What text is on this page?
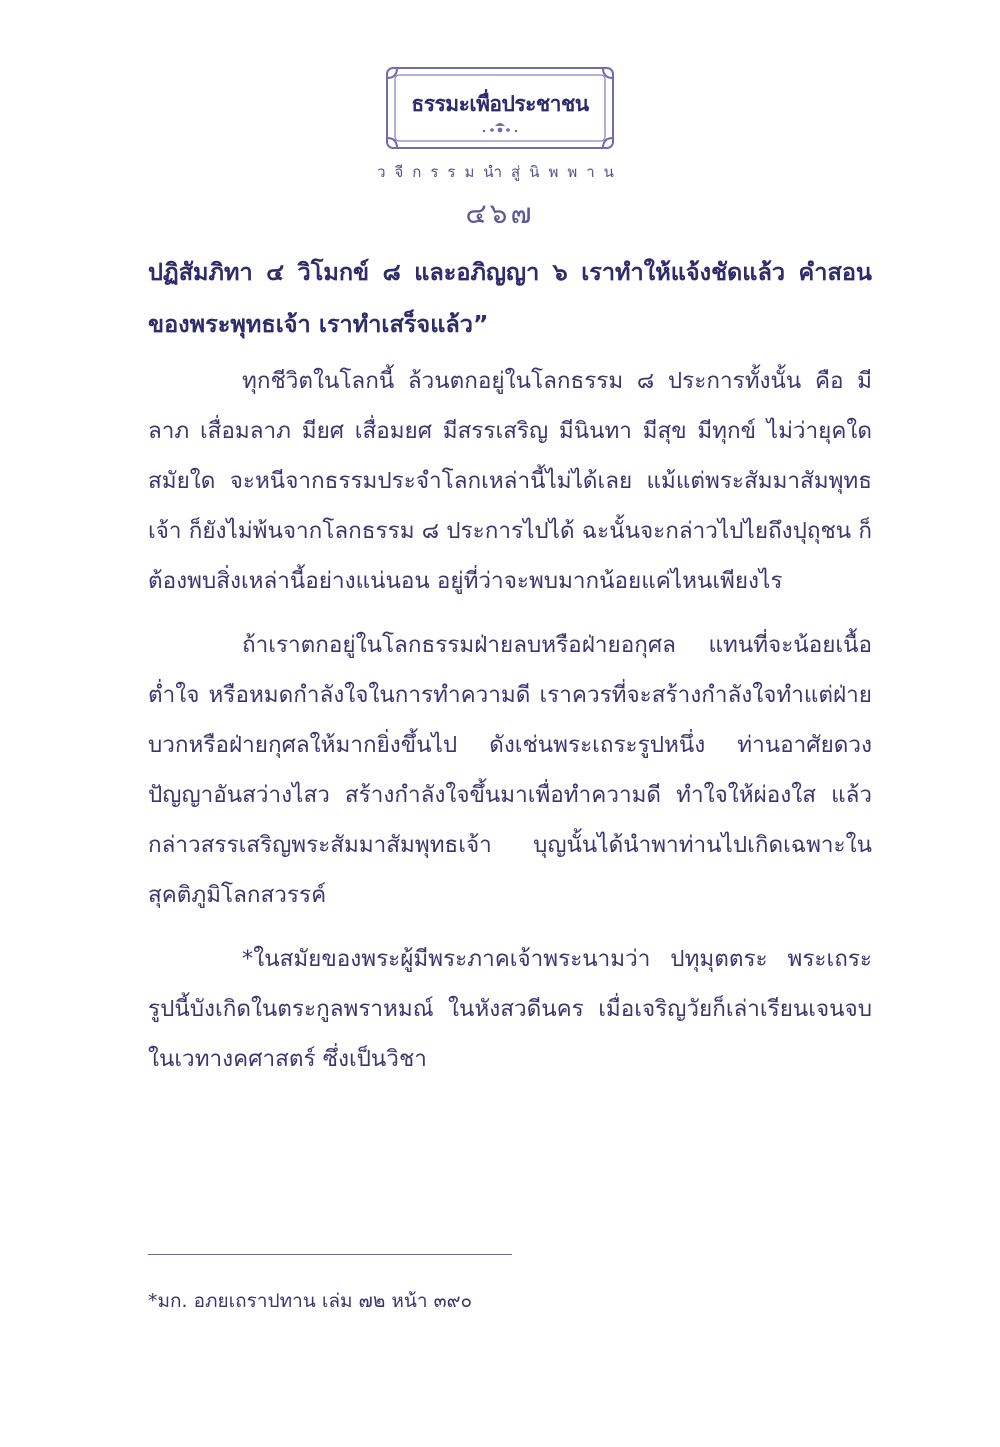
ธรรมะเพื่อประชาชน
วจีกรรมนำสู่นิพพาน
๔๖๗

ปฏิสัมภิทา ๔ วิโมกข์ ๘ และอภิญญา ๖ เราทำให้แจ้งชัดแล้ว คำสอนของพระพุทธเจ้า เราทำเสร็จแล้ว”

ทุกชีวิตในโลกนี้ ล้วนตกอยู่ในโลกธรรม ๘ ประการทั้งนั้น คือ มีลาภ เสื่อมลาภ มียศ เสื่อมยศ มีสรรเสริญ มีนินทา มีสุข มีทุกข์ ไม่ว่ายุคใดสมัยใด จะหนีจากธรรมประจำโลกเหล่านี้ไม่ได้เลย แม้แต่พระสัมมาสัมพุทธเจ้า ก็ยังไม่พ้นจากโลกธรรม ๘ ประการไปได้ ฉะนั้นจะกล่าวไปไยถึงปุถุชน ก็ต้องพบสิ่งเหล่านี้อย่างแน่นอน อยู่ที่ว่าจะพบมากน้อยแค่ไหนเพียงไร

ถ้าเราตกอยู่ในโลกธรรมฝ่ายลบหรือฝ่ายอกุศล แทนที่จะน้อยเนื้อต่ำใจ หรือหมดกำลังใจในการทำความดี เราควรที่จะสร้างกำลังใจทำแต่ฝ่ายบวกหรือฝ่ายกุศลให้มากยิ่งขึ้นไป ดังเช่นพระเถระรูปหนึ่ง ท่านอาศัยดวงปัญญาอันสว่างไสว สร้างกำลังใจขึ้นมาเพื่อทำความดี ทำใจให้ผ่องใส แล้วกล่าวสรรเสริญพระสัมมาสัมพุทธเจ้า บุญนั้นได้นำพาท่านไปเกิดเฉพาะในสุคติภูมิโลกสวรรค์

*ในสมัยของพระผู้มีพระภาคเจ้าพระนามว่า ปทุมุตตระ พระเถระรูปนี้บังเกิดในตระกูลพราหมณ์ ในหังสวดีนคร เมื่อเจริญวัยก็เล่าเรียนเจนจบในเวทางคศาสตร์ ซึ่งเป็นวิชา

*มก. อภยเถราปทาน เล่ม ๗๒ หน้า ๓๙๐
